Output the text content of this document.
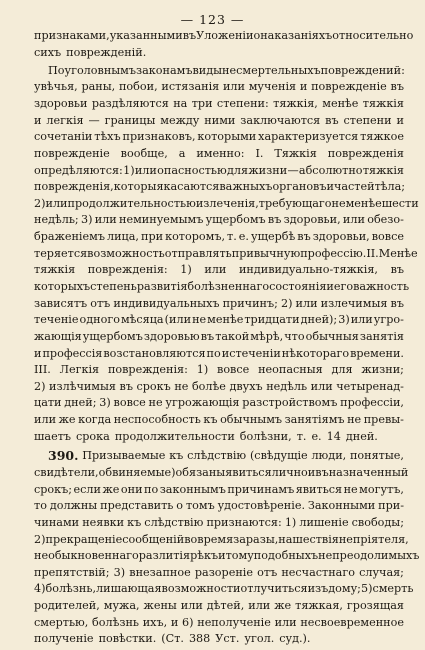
— 123 —
признаками, указанными въ Уложеніи о наказаніяхъ относительно
сихъ поврежденій.
По уголовнымъ законамъ виды несмертельныхъ повреждений:
увѣчья, раны, побои, истязанія или мученія и поврежденіе въ
здоровьи раздѣляются на три степени: тяжкія, менѣе тяжкія
и легкія — границы между ними заключаются въ степени и
сочетаніи тѣхъ признаковъ, которыми характеризуется тяжкое
поврежденіе вообще, а именно: I. Тяжкія поврежденія
опредѣляются: 1) или опасностью для жизни — абсолютно тяжкія
поврежденія, которыя касаются важныхъ органовъ и частей тѣла;
2) или продолжительностью излеченія, требующаго не менѣе шести
недѣль; 3) или неминуемымъ ущербомъ въ здоровьи, или обезо-
браженіемъ лица, при которомъ, т. е. ущербѣ въ здоровьи, вовсе
теряется возможность отправлять привычную профессію. II. Менѣе
тяжкія поврежденія: 1) или индивидуально-тяжкія, въ
которыхъ степень развитія болѣзненнаго состоянія и его важность
зависятъ отъ индивидуальныхъ причинъ; 2) или излечимыя въ
теченіе одного мѣсяца (или не менѣе тридцати дней); 3) или угро-
жающія ущербомъ здоровью въ такой мѣрѣ, что обычныя занятія
и профессія возстановляются по истеченіи нѣкотораго времени.
III. Легкія поврежденія: 1) вовсе неопасныя для жизни;
2) излѣчимыя въ срокъ не болѣе двухъ недѣль или четыренад-
цати дней; 3) вовсе не угрожающія разстройствомъ профессіи,
или же когда неспособность къ обычнымъ занятіямъ не превы-
шаетъ срока продолжительности болѣзни, т. е. 14 дней.
390. Призываемые къ слѣдствію (свѣдущіе люди, понятые,
свидѣтели, обвиняемые) обязаны явиться лично и въ назначенный
срокъ; если же они по законнымъ причинамъ явиться не могутъ,
то должны представить о томъ удостовѣреніе. Законными при-
чинами неявки къ слѣдствію признаются: 1) лишеніе свободы;
2) прекращеніе сообщеній во время заразы, нашествія непріятеля,
необыкновеннаго разлитія рѣкъ и тому подобныхъ непреодолимыхъ
препятствій; 3) внезапное разореніе отъ несчастнаго случая;
4) болѣзнь, лишающая возможности отлучиться изъ дому; 5) смерть
родителей, мужа, жены или дѣтей, или же тяжкая, грозящая
смертью, болѣзнь ихъ, и 6) неполученіе или несвоевременное
полученіе повѣстки. (Ст. 388 Уст. угол. суд.).
